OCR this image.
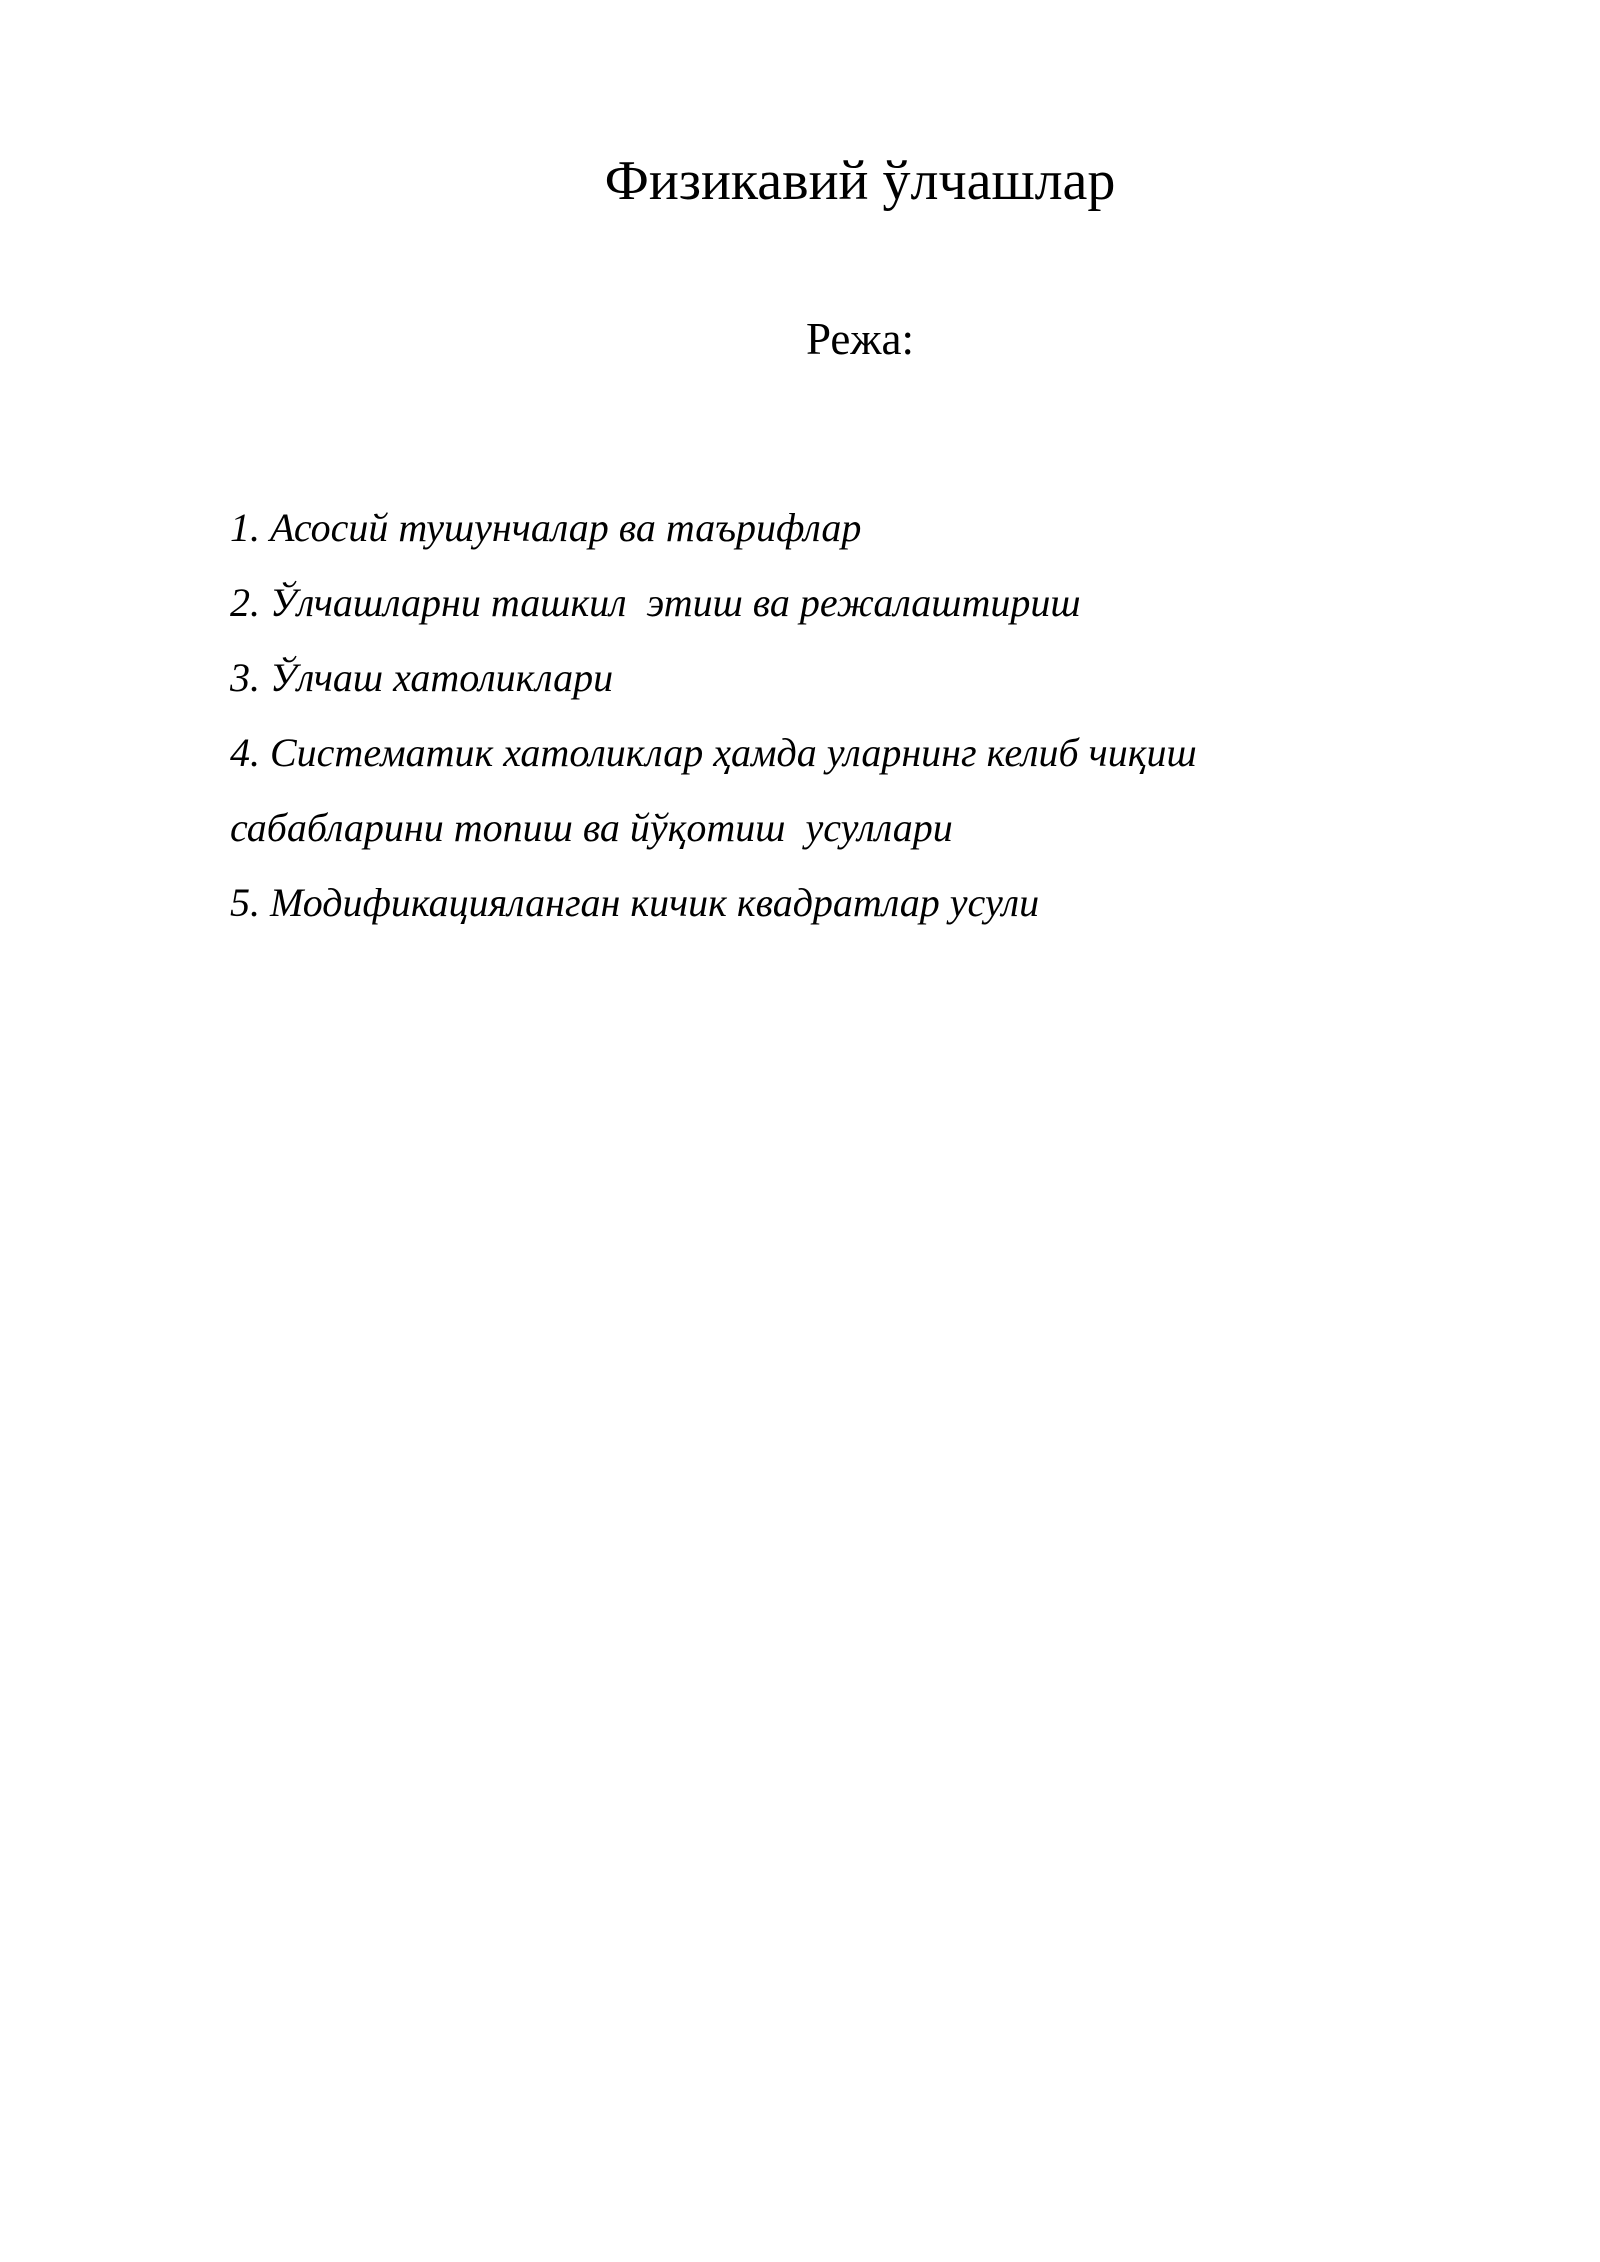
Физикавий ўлчашлар
Режа:
1. Асосий тушунчалар ва таърифлар
2. Ўлчашларни ташкил  этиш ва режалаштириш
3. Ўлчаш хатоликлари
4. Систематик хатоликлар ҳамда уларнинг келиб чиқиш
сабабларини топиш ва йўқотиш  усуллари
5. Модификацияланган кичик квадратлар усули
